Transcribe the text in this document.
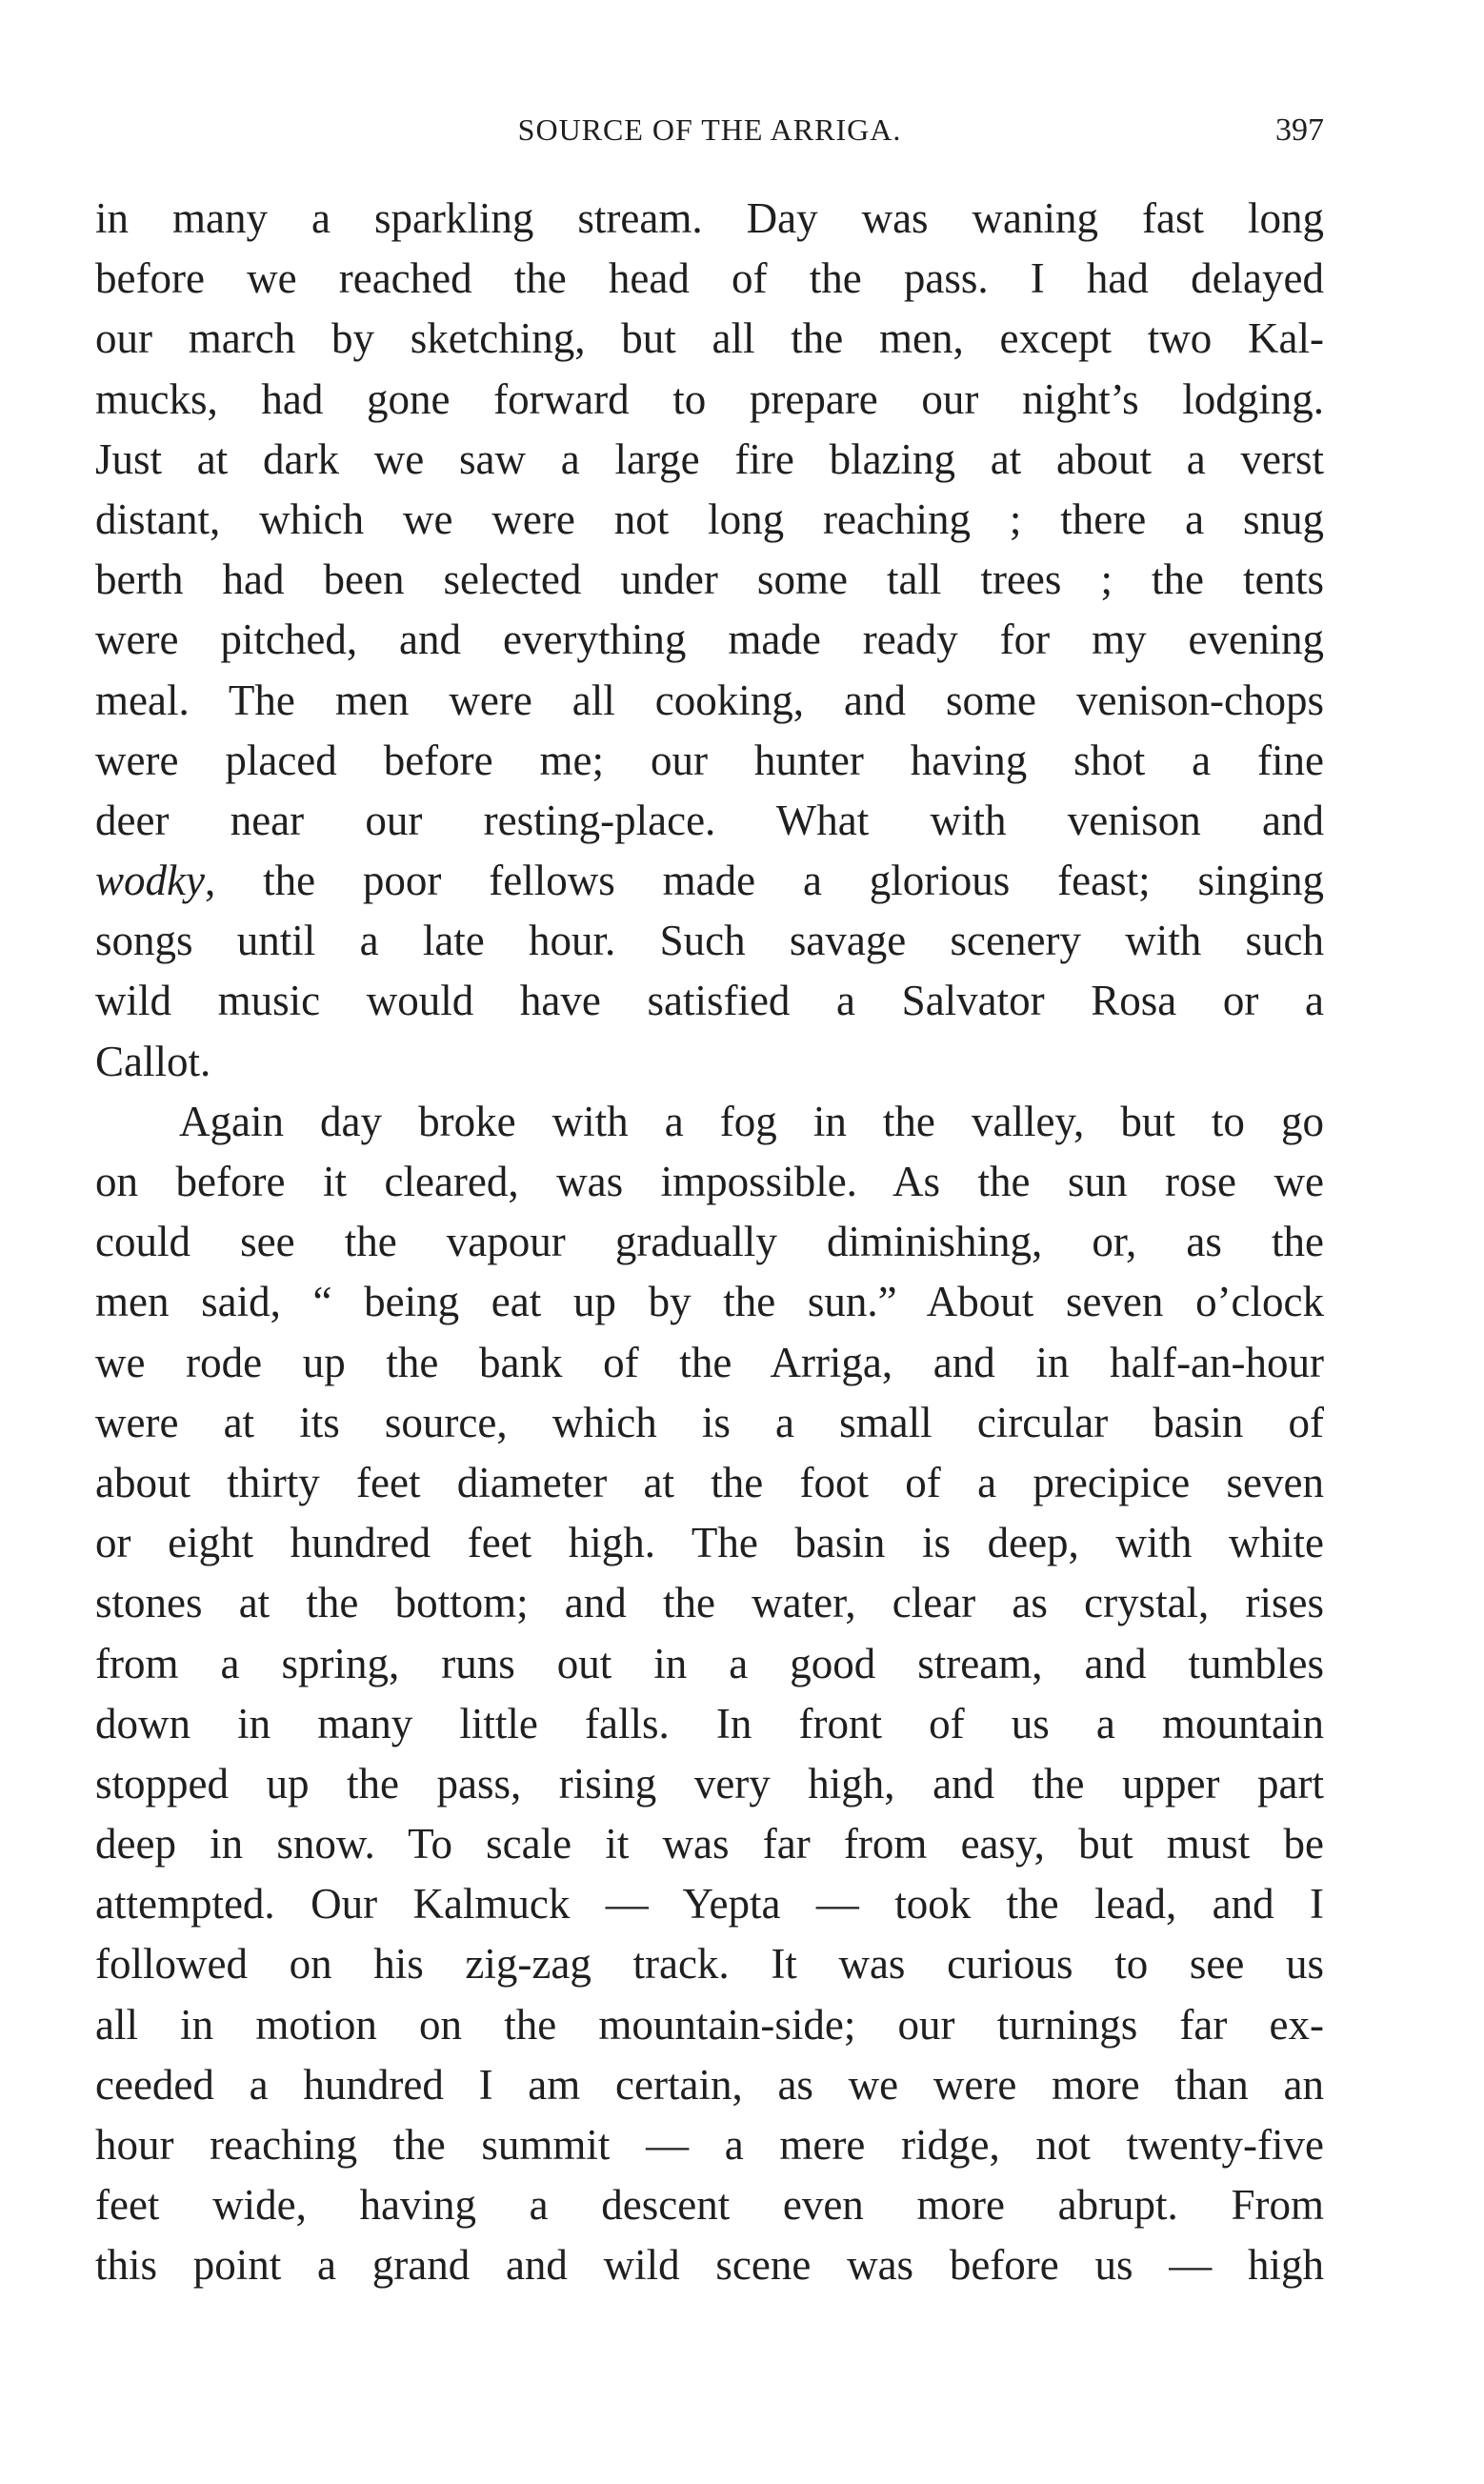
SOURCE OF THE ARRIGA.	397
in many a sparkling stream. Day was waning fast long
before we reached the head of the pass. I had delayed
our march by sketching, but all the men, except two Kal-
mucks, had gone forward to prepare our night’s lodging.
Just at dark we saw a large fire blazing at about a verst
distant, which we were not long reaching ; there a snug
berth had been selected under some tall trees ; the tents
were pitched, and everything made ready for my evening
meal. The men were all cooking, and some venison-chops
were placed before me; our hunter having shot a fine
deer near our resting-place. What with venison and
wodky, the poor fellows made a glorious feast; singing
songs until a late hour. Such savage scenery with such
wild music would have satisfied a Salvator Rosa or a
Callot.
Again day broke with a fog in the valley, but to go
on before it cleared, was impossible. As the sun rose we
could see the vapour gradually diminishing, or, as the
men said, “ being eat up by the sun.” About seven o’clock
we rode up the bank of the Arriga, and in half-an-hour
were at its source, which is a small circular basin of
about thirty feet diameter at the foot of a precipice seven
or eight hundred feet high. The basin is deep, with white
stones at the bottom; and the water, clear as crystal, rises
from a spring, runs out in a good stream, and tumbles
down in many little falls. In front of us a mountain
stopped up the pass, rising very high, and the upper part
deep in snow. To scale it was far from easy, but must be
attempted. Our Kalmuck — Yepta — took the lead, and I
followed on his zig-zag track. It was curious to see us
all in motion on the mountain-side; our turnings far ex-
ceeded a hundred I am certain, as we were more than an
hour reaching the summit — a mere ridge, not twenty-five
feet wide, having a descent even more abrupt. From
this point a grand and wild scene was before us — high
